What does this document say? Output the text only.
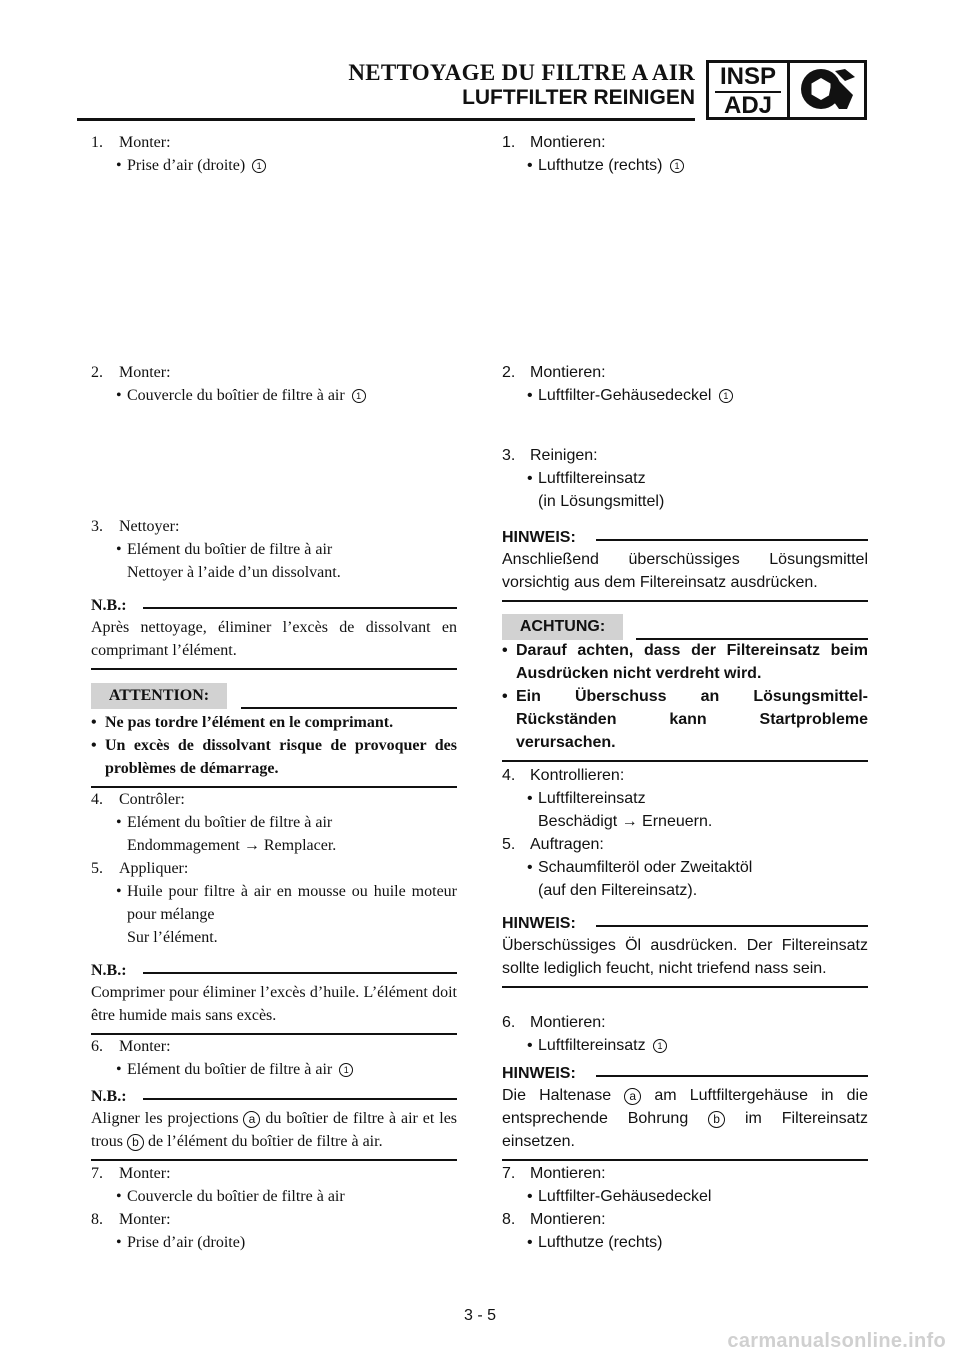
NETTOYAGE DU FILTRE A AIR
LUFTFILTER REINIGEN
INSP
ADJ
1. Monter:
• Prise d’air (droite) 1
2. Monter:
• Couvercle du boîtier de filtre à air 1
3. Nettoyer:
• Elément du boîtier de filtre à air
Nettoyer à l’aide d’un dissolvant.
N.B.:
Après nettoyage, éliminer l’excès de dissolvant en comprimant l’élément.
ATTENTION:
• Ne pas tordre l’élément en le comprimant.
• Un excès de dissolvant risque de provoquer des problèmes de démarrage.
4. Contrôler:
• Elément du boîtier de filtre à air
Endommagement → Remplacer.
5. Appliquer:
• Huile pour filtre à air en mousse ou huile moteur pour mélange
Sur l’élément.
N.B.:
Comprimer pour éliminer l’excès d’huile. L’élément doit être humide mais sans excès.
6. Monter:
• Elément du boîtier de filtre à air 1
N.B.:
Aligner les projections a du boîtier de filtre à air et les trous b de l’élément du boîtier de filtre à air.
7. Monter:
• Couvercle du boîtier de filtre à air
8. Monter:
• Prise d’air (droite)
1. Montieren:
• Lufthutze (rechts) 1
2. Montieren:
• Luftfilter-Gehäusedeckel 1
3. Reinigen:
• Luftfiltereinsatz
(in Lösungsmittel)
HINWEIS:
Anschließend überschüssiges Lösungsmittel vorsichtig aus dem Filtereinsatz ausdrücken.
ACHTUNG:
• Darauf achten, dass der Filtereinsatz beim Ausdrücken nicht verdreht wird.
• Ein Überschuss an Lösungsmittel-Rückständen kann Startprobleme verursachen.
4. Kontrollieren:
• Luftfiltereinsatz
Beschädigt → Erneuern.
5. Auftragen:
• Schaumfilteröl oder Zweitaktöl
(auf den Filtereinsatz).
HINWEIS:
Überschüssiges Öl ausdrücken. Der Filtereinsatz sollte lediglich feucht, nicht triefend nass sein.
6. Montieren:
• Luftfiltereinsatz 1
HINWEIS:
Die Haltenase a am Luftfiltergehäuse in die entsprechende Bohrung b im Filtereinsatz einsetzen.
7. Montieren:
• Luftfilter-Gehäusedeckel
8. Montieren:
• Lufthutze (rechts)
3 - 5
carmanualsonline.info
